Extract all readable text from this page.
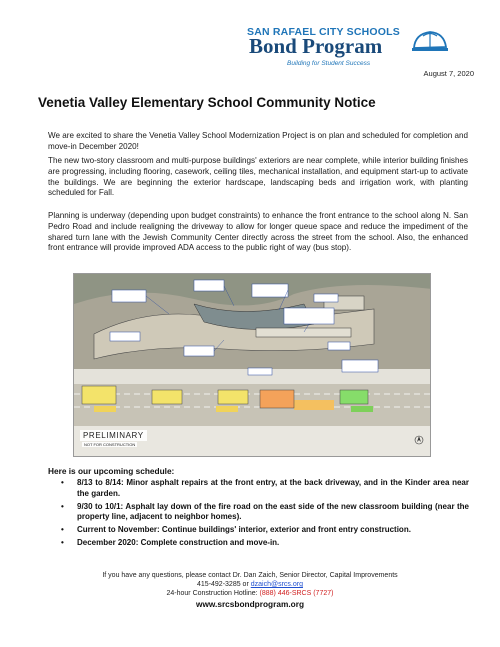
SAN RAFAEL CITY SCHOOLS
Bond Program
Building for Student Success
August 7, 2020
Venetia Valley Elementary School Community Notice

We are excited to share the Venetia Valley School Modernization Project is on plan and scheduled for completion and move-in December 2020!

The new two-story classroom and multi-purpose buildings' exteriors are near complete, while interior building finishes are progressing, including flooring, casework, ceiling tiles, mechanical installation, and equipment start-up to activate the buildings. We are beginning the exterior hardscape, landscaping beds and irrigation work, with planting scheduled for Fall.

Planning is underway (depending upon budget constraints) to enhance the front entrance to the school along N. San Pedro Road and include realigning the driveway to allow for longer queue space and reduce the impediment of the shared turn lane with the Jewish Community Center directly across the street from the school. Also, the enhanced front entrance will provide improved ADA access to the public right of way (bus stop).

PRELIMINARY
NOT FOR CONSTRUCTION
Here is our upcoming schedule:
• 8/13 to 8/14: Minor asphalt repairs at the front entry, at the back driveway, and in the Kinder area near the garden.
• 9/30 to 10/1: Asphalt lay down of the fire road on the east side of the new classroom building (near the property line, adjacent to neighbor homes).
• Current to November: Continue buildings' interior, exterior and front entry construction.
• December 2020: Complete construction and move-in.
If you have any questions, please contact Dr. Dan Zaich, Senior Director, Capital Improvements
415-492-3285 or dzaich@srcs.org
24-hour Construction Hotline: (888) 446-SRCS (7727)
www.srcsbondprogram.org
